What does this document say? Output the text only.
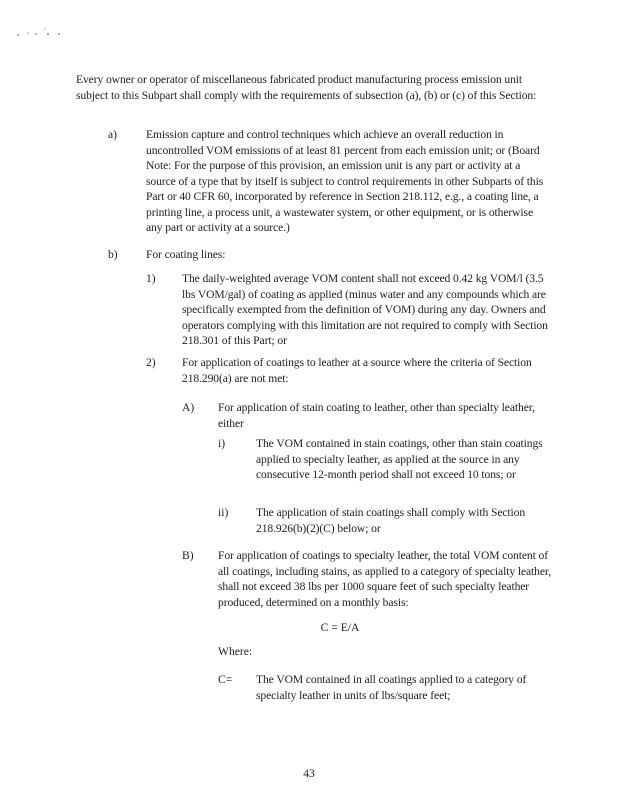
Every owner or operator of miscellaneous fabricated product manufacturing process emission unit subject to this Subpart shall comply with the requirements of subsection (a), (b) or (c) of this Section:
a) Emission capture and control techniques which achieve an overall reduction in uncontrolled VOM emissions of at least 81 percent from each emission unit; or (Board Note: For the purpose of this provision, an emission unit is any part or activity at a source of a type that by itself is subject to control requirements in other Subparts of this Part or 40 CFR 60, incorporated by reference in Section 218.112, e.g., a coating line, a printing line, a process unit, a wastewater system, or other equipment, or is otherwise any part or activity at a source.)
b) For coating lines:
1) The daily-weighted average VOM content shall not exceed 0.42 kg VOM/l (3.5 lbs VOM/gal) of coating as applied (minus water and any compounds which are specifically exempted from the definition of VOM) during any day. Owners and operators complying with this limitation are not required to comply with Section 218.301 of this Part; or
2) For application of coatings to leather at a source where the criteria of Section 218.290(a) are not met:
A) For application of stain coating to leather, other than specialty leather, either
i)	The VOM contained in stain coatings, other than stain coatings applied to specialty leather, as applied at the source in any consecutive 12-month period shall not exceed 10 tons; or
ii) The application of stain coatings shall comply with Section 218.926(b)(2)(C) below; or
B) For application of coatings to specialty leather, the total VOM content of all coatings, including stains, as applied to a category of specialty leather, shall not exceed 38 lbs per 1000 square feet of such specialty leather produced, determined on a monthly basis:
C = E/A
Where:
C= The VOM contained in all coatings applied to a category of specialty leather in units of lbs/square feet;
43
